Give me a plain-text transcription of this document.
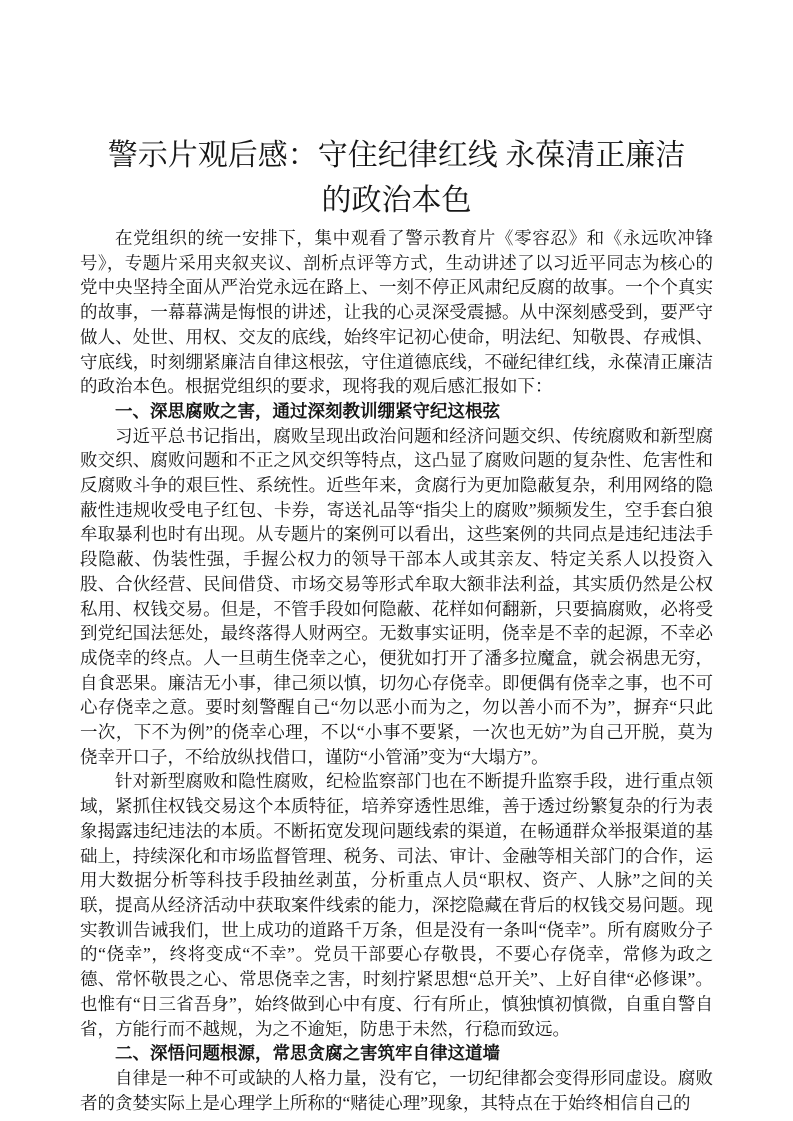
警示片观后感：守住纪律红线 永葆清正廉洁的政治本色

在党组织的统一安排下，集中观看了警示教育片《零容忍》和《永远吹冲锋号》，专题片采用夹叙夹议、剖析点评等方式，生动讲述了以习近平同志为核心的党中央坚持全面从严治党永远在路上、一刻不停正风肃纪反腐的故事。一个个真实的故事，一幕幕满是悔恨的讲述，让我的心灵深受震撼。从中深刻感受到，要严守做人、处世、用权、交友的底线，始终牢记初心使命，明法纪、知敬畏、存戒惧、守底线，时刻绷紧廉洁自律这根弦，守住道德底线，不碰纪律红线，永葆清正廉洁的政治本色。根据党组织的要求，现将我的观后感汇报如下：

一、深思腐败之害，通过深刻教训绷紧守纪这根弦

习近平总书记指出，腐败呈现出政治问题和经济问题交织、传统腐败和新型腐败交织、腐败问题和不正之风交织等特点，这凸显了腐败问题的复杂性、危害性和反腐败斗争的艰巨性、系统性。近些年来，贪腐行为更加隐蔽复杂，利用网络的隐蔽性违规收受电子红包、卡券，寄送礼品等“指尖上的腐败”频频发生，空手套白狼牟取暴利也时有出现。从专题片的案例可以看出，这些案例的共同点是违纪违法手段隐蔽、伪装性强，手握公权力的领导干部本人或其亲友、特定关系人以投资入股、合伙经营、民间借贷、市场交易等形式牟取大额非法利益，其实质仍然是公权私用、权钱交易。但是，不管手段如何隐蔽、花样如何翻新，只要搞腐败，必将受到党纪国法惩处，最终落得人财两空。无数事实证明，侥幸是不幸的起源，不幸必成侥幸的终点。人一旦萌生侥幸之心，便犹如打开了潘多拉魔盒，就会祸患无穷，自食恶果。廉洁无小事，律己须以慎，切勿心存侥幸。即便偶有侥幸之事，也不可心存侥幸之意。要时刻警醒自己“勿以恶小而为之，勿以善小而不为”，摒弃“只此一次，下不为例”的侥幸心理，不以“小事不要紧，一次也无妨”为自己开脱，莫为侥幸开口子，不给放纵找借口，谨防“小管涌”变为“大塌方”。

针对新型腐败和隐性腐败，纪检监察部门也在不断提升监察手段，进行重点领域，紧抓住权钱交易这个本质特征，培养穿透性思维，善于透过纷繁复杂的行为表象揭露违纪违法的本质。不断拓宽发现问题线索的渠道，在畅通群众举报渠道的基础上，持续深化和市场监督管理、税务、司法、审计、金融等相关部门的合作，运用大数据分析等科技手段抽丝剥茧，分析重点人员“职权、资产、人脉”之间的关联，提高从经济活动中获取案件线索的能力，深挖隐藏在背后的权钱交易问题。现实教训告诫我们，世上成功的道路千万条，但是没有一条叫“侥幸”。所有腐败分子的“侥幸”，终将变成“不幸”。党员干部要心存敬畏，不要心存侥幸，常修为政之德、常怀敬畏之心、常思侥幸之害，时刻拧紧思想“总开关”、上好自律“必修课”。也惟有“日三省吾身”，始终做到心中有度、行有所止，慎独慎初慎微，自重自警自省，方能行而不越规，为之不逾矩，防患于未然，行稳而致远。

二、深悟问题根源，常思贪腐之害筑牢自律这道墙

自律是一种不可或缺的人格力量，没有它，一切纪律都会变得形同虚设。腐败者的贪婪实际上是心理学上所称的“赌徒心理”现象，其特点在于始终相信自己的
